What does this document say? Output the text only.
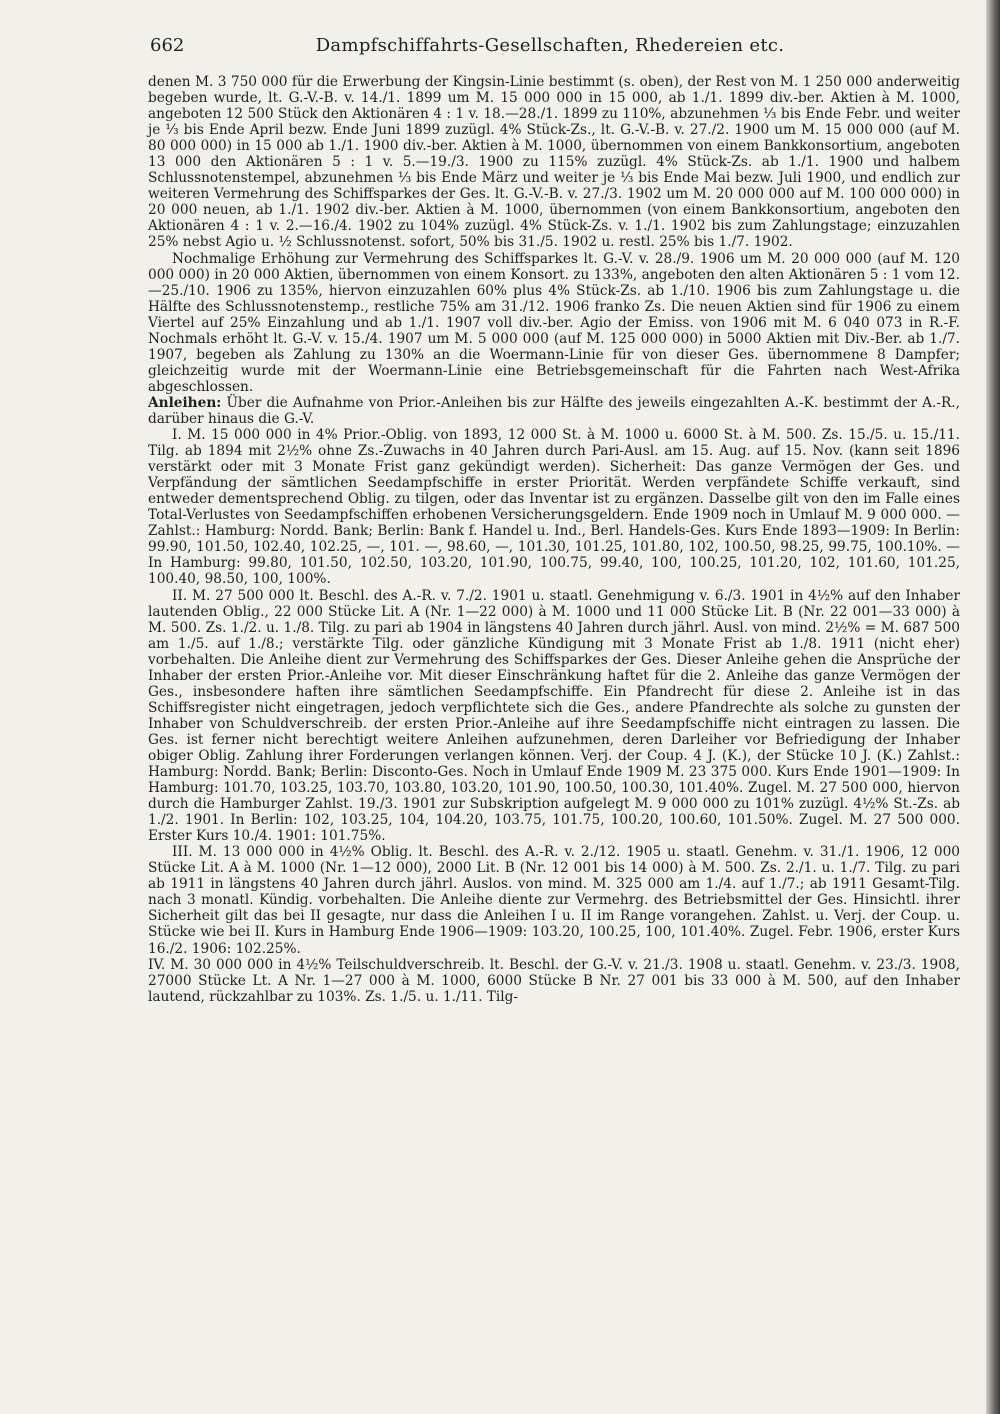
662	Dampfschiffahrts-Gesellschaften, Rhedereien etc.
denen M. 3 750 000 für die Erwerbung der Kingsin-Linie bestimmt (s. oben), der Rest von M. 1 250 000 anderweitig begeben wurde, lt. G.-V.-B. v. 14./1. 1899 um M. 15 000 000 in 15 000, ab 1./1. 1899 div.-ber. Aktien à M. 1000, angeboten 12 500 Stück den Aktionären 4 : 1 v. 18.—28./1. 1899 zu 110%, abzunehmen ⅓ bis Ende Febr. und weiter je ⅓ bis Ende April bezw. Ende Juni 1899 zuzügl. 4% Stück-Zs., lt. G.-V.-B. v. 27./2. 1900 um M. 15 000 000 (auf M. 80 000 000) in 15 000 ab 1./1. 1900 div.-ber. Aktien à M. 1000, übernommen von einem Bankkonsortium, angeboten 13 000 den Aktionären 5 : 1 v. 5.—19./3. 1900 zu 115% zuzügl. 4% Stück-Zs. ab 1./1. 1900 und halbem Schlussnotenstempel, abzunehmen ⅓ bis Ende März und weiter je ⅓ bis Ende Mai bezw. Juli 1900, und endlich zur weiteren Vermehrung des Schiffsparkes der Ges. lt. G.-V.-B. v. 27./3. 1902 um M. 20 000 000 auf M. 100 000 000) in 20 000 neuen, ab 1./1. 1902 div.-ber. Aktien à M. 1000, übernommen (von einem Bankkonsortium, angeboten den Aktionären 4 : 1 v. 2.—16./4. 1902 zu 104% zuzügl. 4% Stück-Zs. v. 1./1. 1902 bis zum Zahlungstage; einzuzahlen 25% nebst Agio u. ½ Schlussnotenst. sofort, 50% bis 31./5. 1902 u. restl. 25% bis 1./7. 1902.
Nochmalige Erhöhung zur Vermehrung des Schiffsparkes lt. G.-V. v. 28./9. 1906 um M. 20 000 000 (auf M. 120 000 000) in 20 000 Aktien, übernommen von einem Konsort. zu 133%, angeboten den alten Aktionären 5 : 1 vom 12.—25./10. 1906 zu 135%, hiervon einzuzahlen 60% plus 4% Stück-Zs. ab 1./10. 1906 bis zum Zahlungstage u. die Hälfte des Schlussnotenstemp., restliche 75% am 31./12. 1906 franko Zs. Die neuen Aktien sind für 1906 zu einem Viertel auf 25% Einzahlung und ab 1./1. 1907 voll div.-ber. Agio der Emiss. von 1906 mit M. 6 040 073 in R.-F. Nochmals erhöht lt. G.-V. v. 15./4. 1907 um M. 5 000 000 (auf M. 125 000 000) in 5000 Aktien mit Div.-Ber. ab 1./7. 1907, begeben als Zahlung zu 130% an die Woermann-Linie für von dieser Ges. übernommene 8 Dampfer; gleichzeitig wurde mit der Woermann-Linie eine Betriebsgemeinschaft für die Fahrten nach West-Afrika abgeschlossen.
Anleihen: Über die Aufnahme von Prior.-Anleihen bis zur Hälfte des jeweils eingezahlten A.-K. bestimmt der A.-R., darüber hinaus die G.-V.
I. M. 15 000 000 in 4% Prior.-Oblig. von 1893, 12 000 St. à M. 1000 u. 6000 St. à M. 500. Zs. 15./5. u. 15./11. Tilg. ab 1894 mit 2½% ohne Zs.-Zuwachs in 40 Jahren durch Pari-Ausl. am 15. Aug. auf 15. Nov. (kann seit 1896 verstärkt oder mit 3 Monate Frist ganz gekündigt werden). Sicherheit: Das ganze Vermögen der Ges. und Verpfändung der sämtlichen Seedampfschiffe in erster Priorität. Werden verpfändete Schiffe verkauft, sind entweder dementsprechend Oblig. zu tilgen, oder das Inventar ist zu ergänzen. Dasselbe gilt von den im Falle eines Total-Verlustes von Seedampfschiffen erhobenen Versicherungsgeldern. Ende 1909 noch in Umlauf M. 9 000 000. — Zahlst.: Hamburg: Nordd. Bank; Berlin: Bank f. Handel u. Ind., Berl. Handels-Ges. Kurs Ende 1893—1909: In Berlin: 99.90, 101.50, 102.40, 102.25, —, 101. —, 98.60, —, 101.30, 101.25, 101.80, 102, 100.50, 98.25, 99.75, 100.10%. — In Hamburg: 99.80, 101.50, 102.50, 103.20, 101.90, 100.75, 99.40, 100, 100.25, 101.20, 102, 101.60, 101.25, 100.40, 98.50, 100, 100%.
II. M. 27 500 000 lt. Beschl. des A.-R. v. 7./2. 1901 u. staatl. Genehmigung v. 6./3. 1901 in 4½% auf den Inhaber lautenden Oblig., 22 000 Stücke Lit. A (Nr. 1—22 000) à M. 1000 und 11 000 Stücke Lit. B (Nr. 22 001—33 000) à M. 500. Zs. 1./2. u. 1./8. Tilg. zu pari ab 1904 in längstens 40 Jahren durch jährl. Ausl. von mind. 2½% = M. 687 500 am 1./5. auf 1./8.; verstärkte Tilg. oder gänzliche Kündigung mit 3 Monate Frist ab 1./8. 1911 (nicht eher) vorbehalten. Die Anleihe dient zur Vermehrung des Schiffsparkes der Ges. Dieser Anleihe gehen die Ansprüche der Inhaber der ersten Prior.-Anleihe vor. Mit dieser Einschränkung haftet für die 2. Anleihe das ganze Vermögen der Ges., insbesondere haften ihre sämtlichen Seedampfschiffe. Ein Pfandrecht für diese 2. Anleihe ist in das Schiffsregister nicht eingetragen, jedoch verpflichtete sich die Ges., andere Pfandrechte als solche zu gunsten der Inhaber von Schuldverschreib. der ersten Prior.-Anleihe auf ihre Seedampfschiffe nicht eintragen zu lassen. Die Ges. ist ferner nicht berechtigt weitere Anleihen aufzunehmen, deren Darleiher vor Befriedigung der Inhaber obiger Oblig. Zahlung ihrer Forderungen verlangen können. Verj. der Coup. 4 J. (K.), der Stücke 10 J. (K.) Zahlst.: Hamburg: Nordd. Bank; Berlin: Disconto-Ges. Noch in Umlauf Ende 1909 M. 23 375 000. Kurs Ende 1901—1909: In Hamburg: 101.70, 103.25, 103.70, 103.80, 103.20, 101.90, 100.50, 100.30, 101.40%. Zugel. M. 27 500 000, hiervon durch die Hamburger Zahlst. 19./3. 1901 zur Subskription aufgelegt M. 9 000 000 zu 101% zuzügl. 4½% St.-Zs. ab 1./2. 1901. In Berlin: 102, 103.25, 104, 104.20, 103.75, 101.75, 100.20, 100.60, 101.50%. Zugel. M. 27 500 000. Erster Kurs 10./4. 1901: 101.75%.
III. M. 13 000 000 in 4½% Oblig. lt. Beschl. des A.-R. v. 2./12. 1905 u. staatl. Genehm. v. 31./1. 1906, 12 000 Stücke Lit. A à M. 1000 (Nr. 1—12 000), 2000 Lit. B (Nr. 12 001 bis 14 000) à M. 500. Zs. 2./1. u. 1./7. Tilg. zu pari ab 1911 in längstens 40 Jahren durch jährl. Auslos. von mind. M. 325 000 am 1./4. auf 1./7.; ab 1911 Gesamt-Tilg. nach 3 monatl. Kündig. vorbehalten. Die Anleihe diente zur Vermehrg. des Betriebsmittel der Ges. Hinsichtl. ihrer Sicherheit gilt das bei II gesagte, nur dass die Anleihen I u. II im Range vorangehen. Zahlst. u. Verj. der Coup. u. Stücke wie bei II. Kurs in Hamburg Ende 1906—1909: 103.20, 100.25, 100, 101.40%. Zugel. Febr. 1906, erster Kurs 16./2. 1906: 102.25%.
IV. M. 30 000 000 in 4½% Teilschuldverschreib. lt. Beschl. der G.-V. v. 21./3. 1908 u. staatl. Genehm. v. 23./3. 1908, 27000 Stücke Lt. A Nr. 1—27 000 à M. 1000, 6000 Stücke B Nr. 27 001 bis 33 000 à M. 500, auf den Inhaber lautend, rückzahlbar zu 103%. Zs. 1./5. u. 1./11. Tilg-
